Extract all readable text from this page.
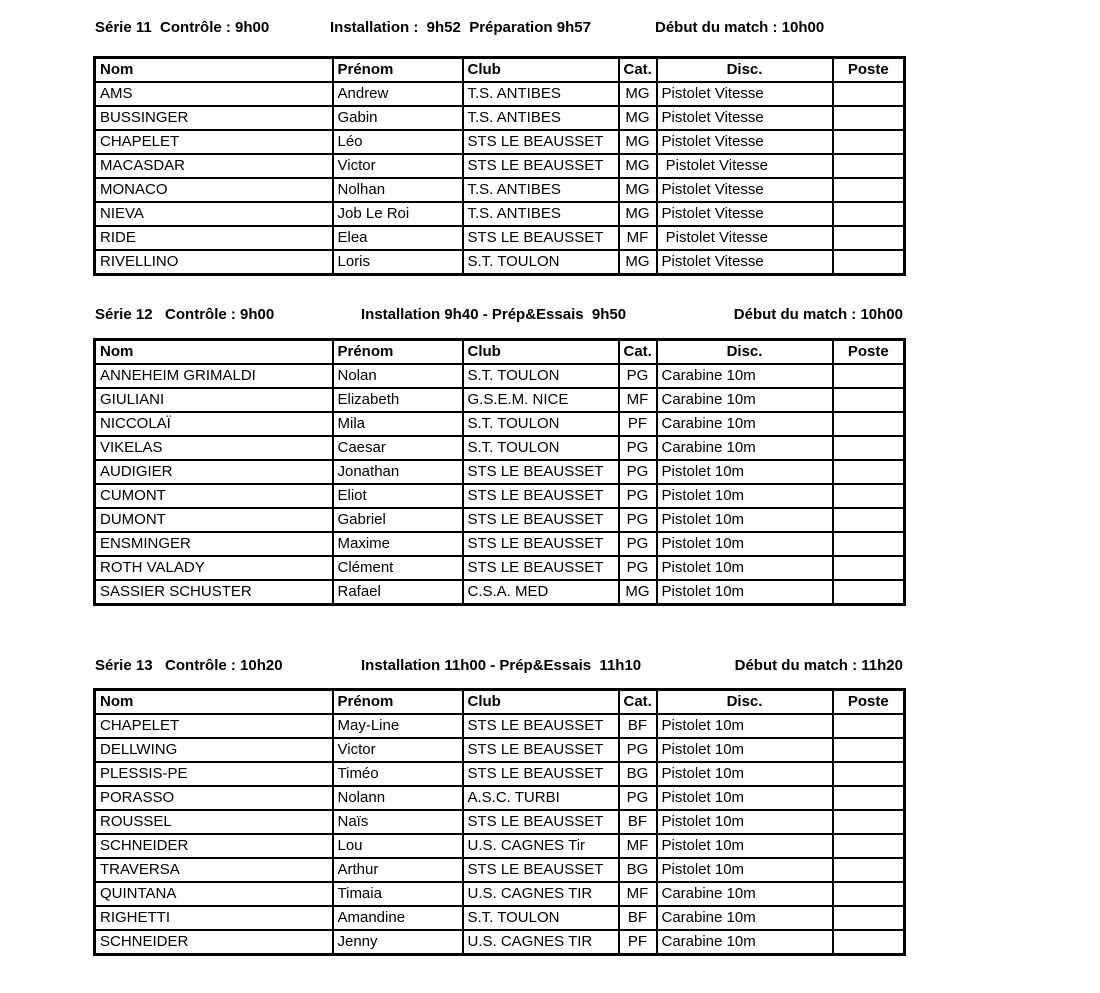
Série 11  Contrôle : 9h00	Installation :  9h52  Préparation 9h57	Début du match : 10h00
Nom	Prénom	Club	Cat.	Disc.	Poste
AMS	Andrew	T.S. ANTIBES	MG	Pistolet Vitesse	
BUSSINGER	Gabin	T.S. ANTIBES	MG	Pistolet Vitesse	
CHAPELET	Léo	STS LE BEAUSSET	MG	Pistolet Vitesse	
MACASDAR	Victor	STS LE BEAUSSET	MG	Pistolet Vitesse	
MONACO	Nolhan	T.S. ANTIBES	MG	Pistolet Vitesse	
NIEVA	Job Le Roi	T.S. ANTIBES	MG	Pistolet Vitesse	
RIDE	Elea	STS LE BEAUSSET	MF	Pistolet Vitesse	
RIVELLINO	Loris	S.T. TOULON	MG	Pistolet Vitesse	
Série 12   Contrôle : 9h00	Installation 9h40 - Prép&Essais  9h50	Début du match : 10h00
Nom	Prénom	Club	Cat.	Disc.	Poste
ANNEHEIM GRIMALDI	Nolan	S.T. TOULON	PG	Carabine 10m	
GIULIANI	Elizabeth	G.S.E.M. NICE	MF	Carabine 10m	
NICCOLAÏ	Mila	S.T. TOULON	PF	Carabine 10m	
VIKELAS	Caesar	S.T. TOULON	PG	Carabine 10m	
AUDIGIER	Jonathan	STS LE BEAUSSET	PG	Pistolet 10m	
CUMONT	Eliot	STS LE BEAUSSET	PG	Pistolet 10m	
DUMONT	Gabriel	STS LE BEAUSSET	PG	Pistolet 10m	
ENSMINGER	Maxime	STS LE BEAUSSET	PG	Pistolet 10m	
ROTH VALADY	Clément	STS LE BEAUSSET	PG	Pistolet 10m	
SASSIER SCHUSTER	Rafael	C.S.A. MED	MG	Pistolet 10m	
Série 13   Contrôle : 10h20	Installation 11h00 - Prép&Essais  11h10	Début du match : 11h20
Nom	Prénom	Club	Cat.	Disc.	Poste
CHAPELET	May-Line	STS LE BEAUSSET	BF	Pistolet 10m	
DELLWING	Victor	STS LE BEAUSSET	PG	Pistolet 10m	
PLESSIS-PE	Timéo	STS LE BEAUSSET	BG	Pistolet 10m	
PORASSO	Nolann	A.S.C. TURBI	PG	Pistolet 10m	
ROUSSEL	Naïs	STS LE BEAUSSET	BF	Pistolet 10m	
SCHNEIDER	Lou	U.S. CAGNES Tir	MF	Pistolet 10m	
TRAVERSA	Arthur	STS LE BEAUSSET	BG	Pistolet 10m	
QUINTANA	Timaia	U.S. CAGNES TIR	MF	Carabine 10m	
RIGHETTI	Amandine	S.T. TOULON	BF	Carabine 10m	
SCHNEIDER	Jenny	U.S. CAGNES TIR	PF	Carabine 10m	
